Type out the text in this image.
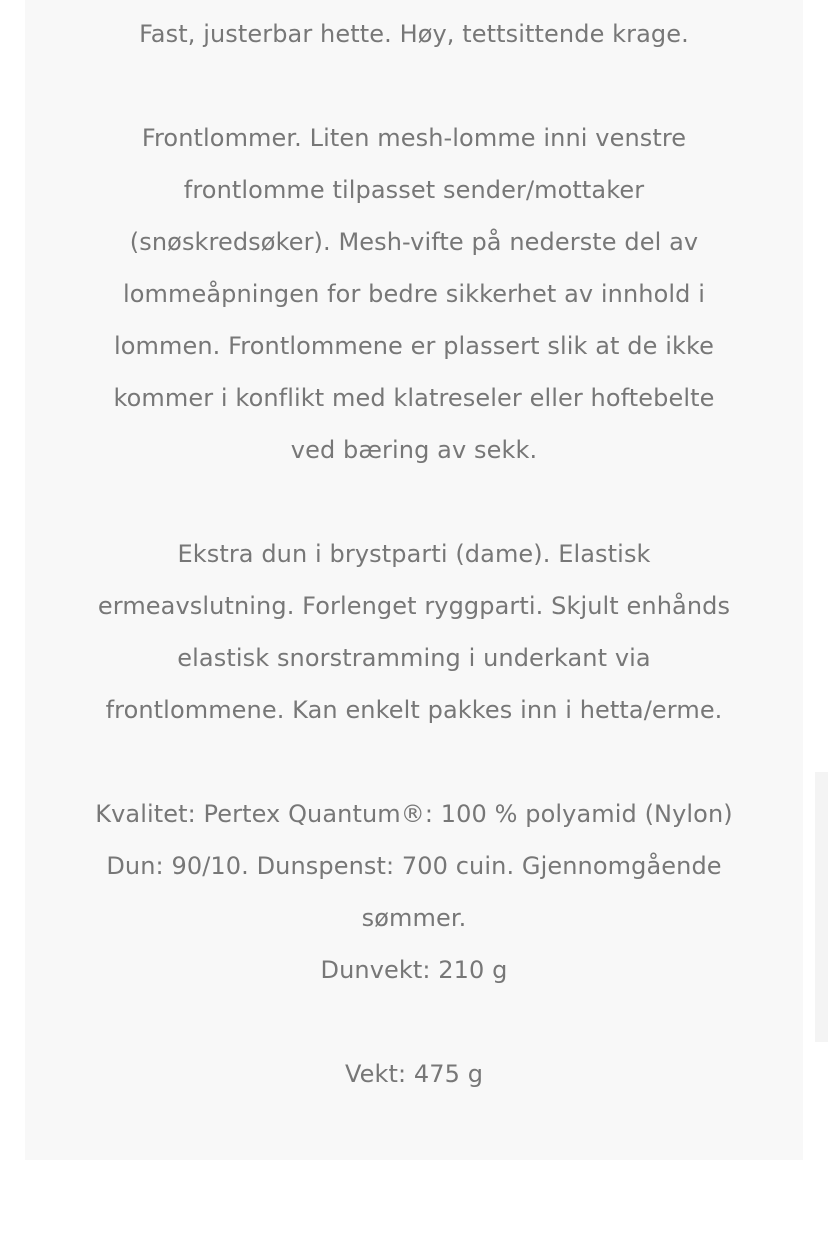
Fast, justerbar hette. Høy, tettsittende krage.

Frontlommer. Liten mesh-lomme inni venstre
frontlomme tilpasset sender/mottaker
(snøskredsøker). Mesh-vifte på nederste del av
lommeåpningen for bedre sikkerhet av innhold i
lommen. Frontlommene er plassert slik at de ikke
kommer i konflikt med klatreseler eller hoftebelte
ved bæring av sekk.

Ekstra dun i brystparti (dame). Elastisk
ermeavslutning. Forlenget ryggparti. Skjult enhånds
elastisk snorstramming i underkant via
frontlommene. Kan enkelt pakkes inn i hetta/erme.

Kvalitet: Pertex Quantum®: 100 % polyamid (Nylon)
Dun: 90/10. Dunspenst: 700 cuin. Gjennomgående
sømmer.
Dunvekt: 210 g

Vekt: 475 g
